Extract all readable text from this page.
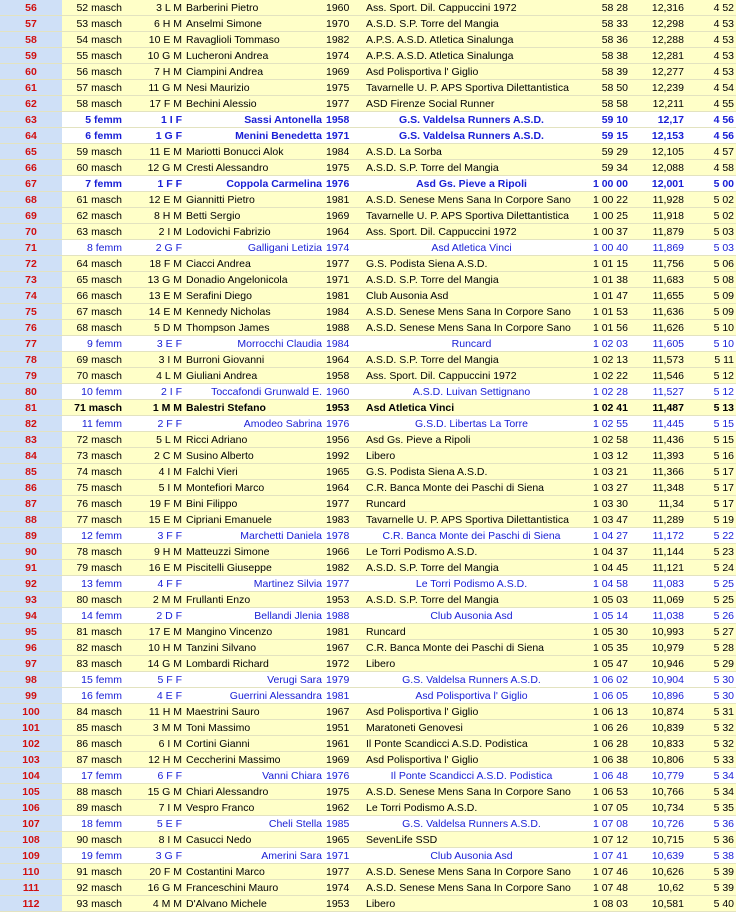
56	52 masch	3 L M	Barberini Pietro	1960	Ass. Sport. Dil. Cappuccini 1972	58 28	12,316	4 52
57	53 masch	6 H M	Anselmi Simone	1970	A.S.D. S.P. Torre del Mangia	58 33	12,298	4 53
58	54 masch	10 E M	Ravaglioli Tommaso	1982	A.P.S. A.S.D. Atletica Sinalunga	58 36	12,288	4 53
59	55 masch	10 G M	Lucheroni Andrea	1974	A.P.S. A.S.D. Atletica Sinalunga	58 38	12,281	4 53
60	56 masch	7 H M	Ciampini Andrea	1969	Asd Polisportiva l' Giglio	58 39	12,277	4 53
61	57 masch	11 G M	Nesi Maurizio	1975	Tavarnelle U. P. APS Sportiva Dilettantistica	58 50	12,239	4 54
62	58 masch	17 F M	Bechini Alessio	1977	ASD Firenze Social Runner	58 58	12,211	4 55
63	5 femm	1 I F	Sassi Antonella	1958	G.S. Valdelsa Runners A.S.D.	59 10	12,17	4 56
64	6 femm	1 G F	Menini Benedetta	1971	G.S. Valdelsa Runners A.S.D.	59 15	12,153	4 56
65	59 masch	11 E M	Mariotti Bonucci Alok	1984	A.S.D. La Sorba	59 29	12,105	4 57
66	60 masch	12 G M	Cresti Alessandro	1975	A.S.D. S.P. Torre del Mangia	59 34	12,088	4 58
67	7 femm	1 F F	Coppola Carmelina	1976	Asd Gs. Pieve a Ripoli	1 00 00	12,001	5 00
68	61 masch	12 E M	Giannitti Pietro	1981	A.S.D. Senese Mens Sana In Corpore Sano	1 00 22	11,928	5 02
69	62 masch	8 H M	Betti Sergio	1969	Tavarnelle U. P. APS Sportiva Dilettantistica	1 00 25	11,918	5 02
70	63 masch	2 I M	Lodovichi Fabrizio	1964	Ass. Sport. Dil. Cappuccini 1972	1 00 37	11,879	5 03
71	8 femm	2 G F	Galligani Letizia	1974	Asd Atletica Vinci	1 00 40	11,869	5 03
72	64 masch	18 F M	Ciacci Andrea	1977	G.S. Podista Siena A.S.D.	1 01 15	11,756	5 06
73	65 masch	13 G M	Donadio Angelonicola	1971	A.S.D. S.P. Torre del Mangia	1 01 38	11,683	5 08
74	66 masch	13 E M	Serafini Diego	1981	Club Ausonia Asd	1 01 47	11,655	5 09
75	67 masch	14 E M	Kennedy Nicholas	1984	A.S.D. Senese Mens Sana In Corpore Sano	1 01 53	11,636	5 09
76	68 masch	5 D M	Thompson James	1988	A.S.D. Senese Mens Sana In Corpore Sano	1 01 56	11,626	5 10
77	9 femm	3 E F	Morrocchi Claudia	1984	Runcard	1 02 03	11,605	5 10
78	69 masch	3 I M	Burroni Giovanni	1964	A.S.D. S.P. Torre del Mangia	1 02 13	11,573	5 11
79	70 masch	4 L M	Giuliani Andrea	1958	Ass. Sport. Dil. Cappuccini 1972	1 02 22	11,546	5 12
80	10 femm	2 I F	Toccafondi Grunwald E.	1960	A.S.D. Luivan Settignano	1 02 28	11,527	5 12
81	71 masch	1 M M	Balestri Stefano	1953	Asd Atletica Vinci	1 02 41	11,487	5 13
82	11 femm	2 F F	Amodeo Sabrina	1976	G.S.D. Libertas La Torre	1 02 55	11,445	5 15
83	72 masch	5 L M	Ricci Adriano	1956	Asd Gs. Pieve a Ripoli	1 02 58	11,436	5 15
84	73 masch	2 C M	Susino Alberto	1992	Libero	1 03 12	11,393	5 16
85	74 masch	4 I M	Falchi Vieri	1965	G.S. Podista Siena A.S.D.	1 03 21	11,366	5 17
86	75 masch	5 I M	Montefiori Marco	1964	C.R. Banca Monte dei Paschi di Siena	1 03 27	11,348	5 17
87	76 masch	19 F M	Bini Filippo	1977	Runcard	1 03 30	11,34	5 17
88	77 masch	15 E M	Cipriani Emanuele	1983	Tavarnelle U. P. APS Sportiva Dilettantistica	1 03 47	11,289	5 19
89	12 femm	3 F F	Marchetti Daniela	1978	C.R. Banca Monte dei Paschi di Siena	1 04 27	11,172	5 22
90	78 masch	9 H M	Matteuzzi Simone	1966	Le Torri Podismo A.S.D.	1 04 37	11,144	5 23
91	79 masch	16 E M	Piscitelli Giuseppe	1982	A.S.D. S.P. Torre del Mangia	1 04 45	11,121	5 24
92	13 femm	4 F F	Martinez Silvia	1977	Le Torri Podismo A.S.D.	1 04 58	11,083	5 25
93	80 masch	2 M M	Frullanti Enzo	1953	A.S.D. S.P. Torre del Mangia	1 05 03	11,069	5 25
94	14 femm	2 D F	Bellandi Jlenia	1988	Club Ausonia Asd	1 05 14	11,038	5 26
95	81 masch	17 E M	Mangino Vincenzo	1981	Runcard	1 05 30	10,993	5 27
96	82 masch	10 H M	Tanzini Silvano	1967	C.R. Banca Monte dei Paschi di Siena	1 05 35	10,979	5 28
97	83 masch	14 G M	Lombardi Richard	1972	Libero	1 05 47	10,946	5 29
98	15 femm	5 F F	Verugi Sara	1979	G.S. Valdelsa Runners A.S.D.	1 06 02	10,904	5 30
99	16 femm	4 E F	Guerrini Alessandra	1981	Asd Polisportiva l' Giglio	1 06 05	10,896	5 30
100	84 masch	11 H M	Maestrini Sauro	1967	Asd Polisportiva l' Giglio	1 06 13	10,874	5 31
101	85 masch	3 M M	Toni Massimo	1951	Maratoneti Genovesi	1 06 26	10,839	5 32
102	86 masch	6 I M	Cortini Gianni	1961	Il Ponte Scandicci A.S.D. Podistica	1 06 28	10,833	5 32
103	87 masch	12 H M	Ceccherini Massimo	1969	Asd Polisportiva l' Giglio	1 06 38	10,806	5 33
104	17 femm	6 F F	Vanni Chiara	1976	Il Ponte Scandicci A.S.D. Podistica	1 06 48	10,779	5 34
105	88 masch	15 G M	Chiari Alessandro	1975	A.S.D. Senese Mens Sana In Corpore Sano	1 06 53	10,766	5 34
106	89 masch	7 I M	Vespro Franco	1962	Le Torri Podismo A.S.D.	1 07 05	10,734	5 35
107	18 femm	5 E F	Cheli Stella	1985	G.S. Valdelsa Runners A.S.D.	1 07 08	10,726	5 36
108	90 masch	8 I M	Casucci Nedo	1965	SevenLife SSD	1 07 12	10,715	5 36
109	19 femm	3 G F	Amerini Sara	1971	Club Ausonia Asd	1 07 41	10,639	5 38
110	91 masch	20 F M	Costantini Marco	1977	A.S.D. Senese Mens Sana In Corpore Sano	1 07 46	10,626	5 39
111	92 masch	16 G M	Franceschini Mauro	1974	A.S.D. Senese Mens Sana In Corpore Sano	1 07 48	10,62	5 39
112	93 masch	4 M M	D'Alvano Michele	1953	Libero	1 08 03	10,581	5 40
